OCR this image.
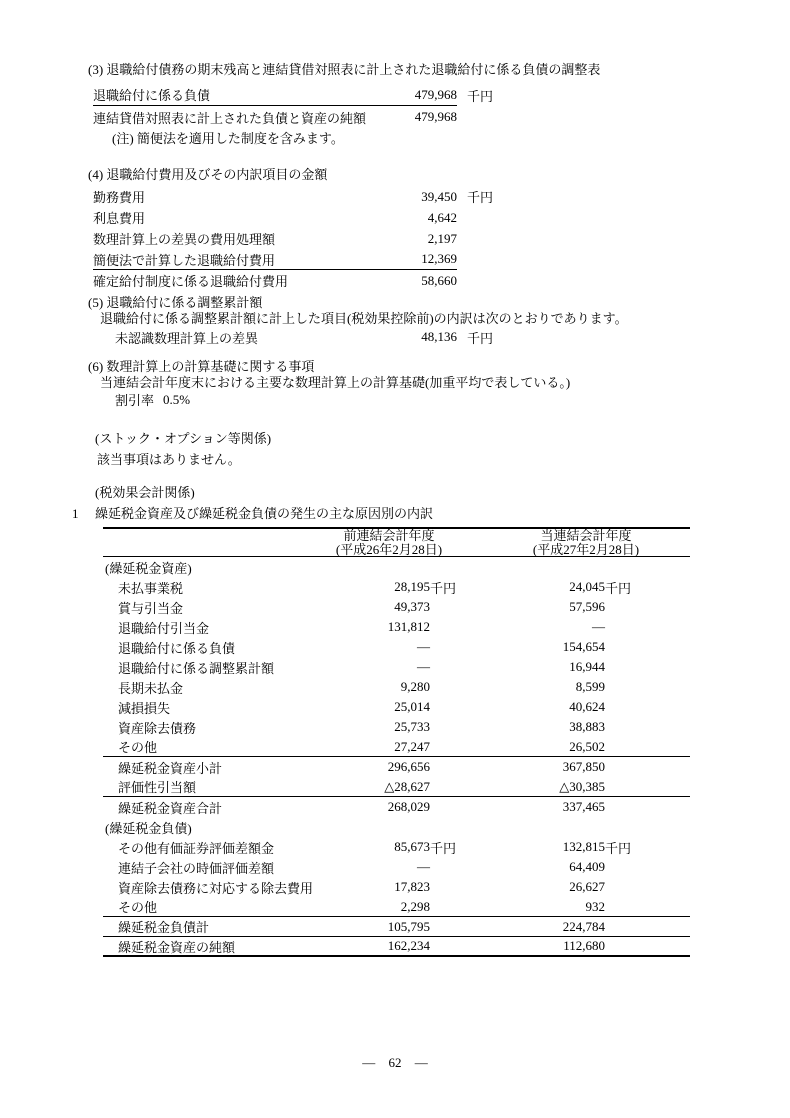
(3) 退職給付債務の期末残高と連結貸借対照表に計上された退職給付に係る負債の調整表
退職給付に係る負債	479,968 千円
連結貸借対照表に計上された負債と資産の純額	479,968
(注) 簡便法を適用した制度を含みます。
(4) 退職給付費用及びその内訳項目の金額
勤務費用	39,450 千円
利息費用	4,642
数理計算上の差異の費用処理額	2,197
簡便法で計算した退職給付費用	12,369
確定給付制度に係る退職給付費用	58,660
(5) 退職給付に係る調整累計額
退職給付に係る調整累計額に計上した項目(税効果控除前)の内訳は次のとおりであります。
未認識数理計算上の差異	48,136 千円
(6) 数理計算上の計算基礎に関する事項
当連結会計年度末における主要な数理計算上の計算基礎(加重平均で表している。)
割引率 0.5%
(ストック・オプション等関係)
該当事項はありません。
(税効果会計関係)
1 繰延税金資産及び繰延税金負債の発生の主な原因別の内訳
前連結会計年度
(平成26年2月28日)
当連結会計年度
(平成27年2月28日)
(繰延税金資産)
未払事業税	28,195 千円	24,045 千円
賞与引当金	49,373	57,596
退職給付引当金	131,812	—
退職給付に係る負債	—	154,654
退職給付に係る調整累計額	—	16,944
長期未払金	9,280	8,599
減損損失	25,014	40,624
資産除去債務	25,733	38,883
その他	27,247	26,502
繰延税金資産小計	296,656	367,850
評価性引当額	△28,627	△30,385
繰延税金資産合計	268,029	337,465
(繰延税金負債)
その他有価証券評価差額金	85,673 千円	132,815 千円
連結子会社の時価評価差額	—	64,409
資産除去債務に対応する除去費用	17,823	26,627
その他	2,298	932
繰延税金負債計	105,795	224,784
繰延税金資産の純額	162,234	112,680
— 62 —
